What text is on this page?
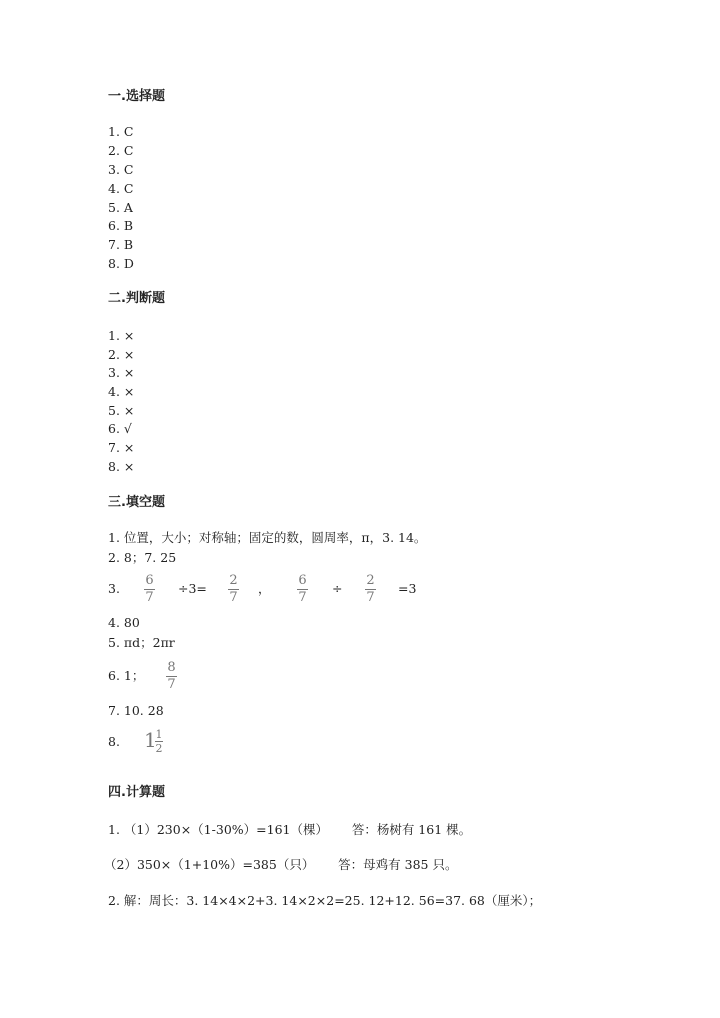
一.选择题
1. C
2. C
3. C
4. C
5. A
6. B
7. B
8. D
二.判断题
1. ×
2. ×
3. ×
4. ×
5. ×
6. √
7. ×
8. ×
三.填空题
1. 位置，大小；对称轴；固定的数，圆周率，π，3. 14。
2. 8；7. 25
3.
6
7
÷3=
2
7
，
6
7
÷
2
7
=3
4. 80
5. πd；2πr
6. 1；
8
7
7. 10. 28
8. 1
1
2
四.计算题
1. （1）230×（1-30%）=161（棵）      答：杨树有 161 棵。
（2）350×（1+10%）=385（只）      答：母鸡有 385 只。
2. 解：周长：3. 14×4×2+3. 14×2×2=25. 12+12. 56=37. 68（厘米）；
